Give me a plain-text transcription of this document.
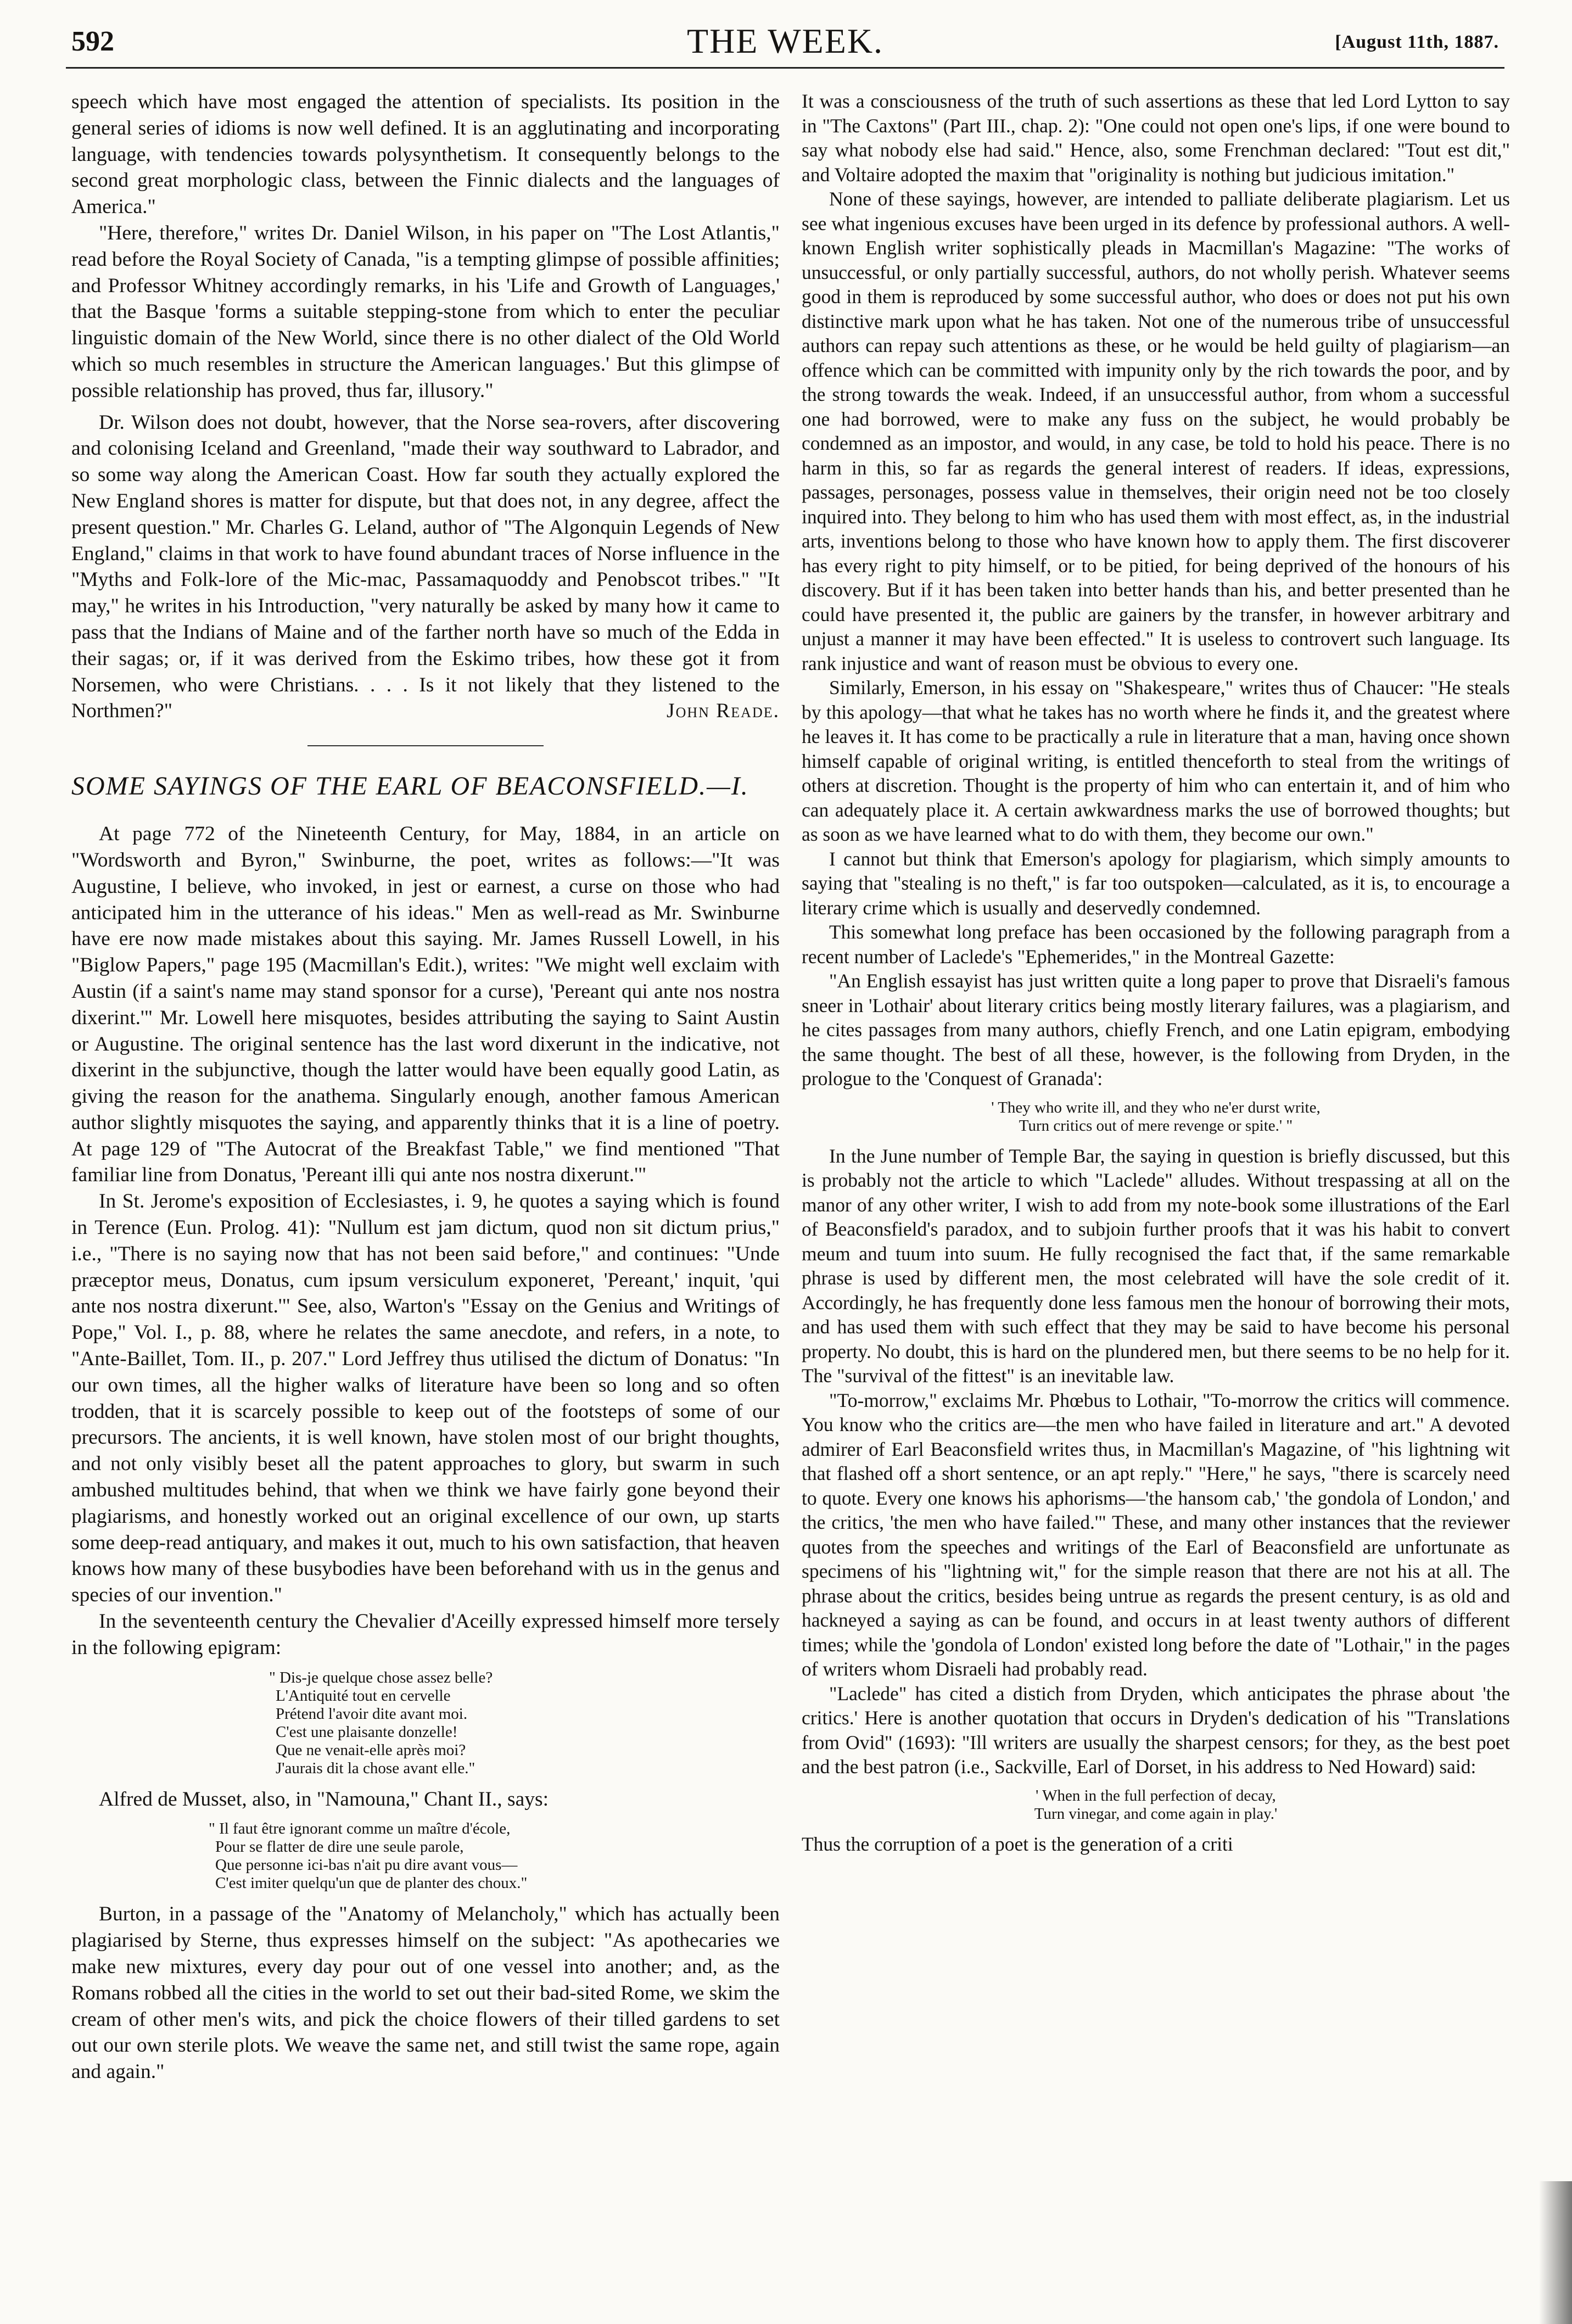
592	THE WEEK.	[August 11th, 1887.

speech which have most engaged the attention of specialists. Its position in the general series of idioms is now well defined. It is an agglutinating and incorporating language, with tendencies towards polysynthetism. It consequently belongs to the second great morphologic class, between the Finnic dialects and the languages of America."

"Here, therefore," writes Dr. Daniel Wilson, in his paper on "The Lost Atlantis," read before the Royal Society of Canada, "is a tempting glimpse of possible affinities; and Professor Whitney accordingly remarks, in his 'Life and Growth of Languages,' that the Basque 'forms a suitable stepping-stone from which to enter the peculiar linguistic domain of the New World, since there is no other dialect of the Old World which so much resembles in structure the American languages.' But this glimpse of possible relationship has proved, thus far, illusory."

Dr. Wilson does not doubt, however, that the Norse sea-rovers, after discovering and colonising Iceland and Greenland, "made their way southward to Labrador, and so some way along the American Coast. How far south they actually explored the New England shores is matter for dispute, but that does not, in any degree, affect the present question." Mr. Charles G. Leland, author of "The Algonquin Legends of New England," claims in that work to have found abundant traces of Norse influence in the "Myths and Folk-lore of the Mic-mac, Passamaquoddy and Penobscot tribes." "It may," he writes in his Introduction, "very naturally be asked by many how it came to pass that the Indians of Maine and of the farther north have so much of the Edda in their sagas; or, if it was derived from the Eskimo tribes, how these got it from Norsemen, who were Christians. . . . Is it not likely that they listened to the Northmen?"	John Reade.

SOME SAYINGS OF THE EARL OF BEACONSFIELD.—I.

At page 772 of the Nineteenth Century, for May, 1884, in an article on "Wordsworth and Byron," Swinburne, the poet, writes as follows:—"It was Augustine, I believe, who invoked, in jest or earnest, a curse on those who had anticipated him in the utterance of his ideas." Men as well-read as Mr. Swinburne have ere now made mistakes about this saying. Mr. James Russell Lowell, in his "Biglow Papers," page 195 (Macmillan's Edit.), writes: "We might well exclaim with Austin (if a saint's name may stand sponsor for a curse), 'Pereant qui ante nos nostra dixerint.'" Mr. Lowell here misquotes, besides attributing the saying to Saint Austin or Augustine. The original sentence has the last word dixerunt in the indicative, not dixerint in the subjunctive, though the latter would have been equally good Latin, as giving the reason for the anathema. Singularly enough, another famous American author slightly misquotes the saying, and apparently thinks that it is a line of poetry. At page 129 of "The Autocrat of the Breakfast Table," we find mentioned "That familiar line from Donatus, 'Pereant illi qui ante nos nostra dixerunt.'"

In St. Jerome's exposition of Ecclesiastes, i. 9, he quotes a saying which is found in Terence (Eun. Prolog. 41): "Nullum est jam dictum, quod non sit dictum prius," i.e., "There is no saying now that has not been said before," and continues: "Unde præceptor meus, Donatus, cum ipsum versiculum exponeret, 'Pereant,' inquit, 'qui ante nos nostra dixerunt.'" See, also, Warton's "Essay on the Genius and Writings of Pope," Vol. I., p. 88, where he relates the same anecdote, and refers, in a note, to "Ante-Baillet, Tom. II., p. 207." Lord Jeffrey thus utilised the dictum of Donatus: "In our own times, all the higher walks of literature have been so long and so often trodden, that it is scarcely possible to keep out of the footsteps of some of our precursors. The ancients, it is well known, have stolen most of our bright thoughts, and not only visibly beset all the patent approaches to glory, but swarm in such ambushed multitudes behind, that when we think we have fairly gone beyond their plagiarisms, and honestly worked out an original excellence of our own, up starts some deep-read antiquary, and makes it out, much to his own satisfaction, that heaven knows how many of these busybodies have been beforehand with us in the genus and species of our invention."

In the seventeenth century the Chevalier d'Aceilly expressed himself more tersely in the following epigram:

" Dis-je quelque chose assez belle?
L'Antiquité tout en cervelle
Prétend l'avoir dite avant moi.
C'est une plaisante donzelle!
Que ne venait-elle après moi?
J'aurais dit la chose avant elle."

Alfred de Musset, also, in "Namouna," Chant II., says:

" Il faut être ignorant comme un maître d'école,
Pour se flatter de dire une seule parole,
Que personne ici-bas n'ait pu dire avant vous—
C'est imiter quelqu'un que de planter des choux."

Burton, in a passage of the "Anatomy of Melancholy," which has actually been plagiarised by Sterne, thus expresses himself on the subject: "As apothecaries we make new mixtures, every day pour out of one vessel into another; and, as the Romans robbed all the cities in the world to set out their bad-sited Rome, we skim the cream of other men's wits, and pick the choice flowers of their tilled gardens to set out our own sterile plots. We weave the same net, and still twist the same rope, again and again."

It was a consciousness of the truth of such assertions as these that led Lord Lytton to say in "The Caxtons" (Part III., chap. 2): "One could not open one's lips, if one were bound to say what nobody else had said." Hence, also, some Frenchman declared: "Tout est dit," and Voltaire adopted the maxim that "originality is nothing but judicious imitation."

None of these sayings, however, are intended to palliate deliberate plagiarism. Let us see what ingenious excuses have been urged in its defence by professional authors. A well-known English writer sophistically pleads in Macmillan's Magazine: "The works of unsuccessful, or only partially successful, authors, do not wholly perish. Whatever seems good in them is reproduced by some successful author, who does or does not put his own distinctive mark upon what he has taken. Not one of the numerous tribe of unsuccessful authors can repay such attentions as these, or he would be held guilty of plagiarism—an offence which can be committed with impunity only by the rich towards the poor, and by the strong towards the weak. Indeed, if an unsuccessful author, from whom a successful one had borrowed, were to make any fuss on the subject, he would probably be condemned as an impostor, and would, in any case, be told to hold his peace. There is no harm in this, so far as regards the general interest of readers. If ideas, expressions, passages, personages, possess value in themselves, their origin need not be too closely inquired into. They belong to him who has used them with most effect, as, in the industrial arts, inventions belong to those who have known how to apply them. The first discoverer has every right to pity himself, or to be pitied, for being deprived of the honours of his discovery. But if it has been taken into better hands than his, and better presented than he could have presented it, the public are gainers by the transfer, in however arbitrary and unjust a manner it may have been effected." It is useless to controvert such language. Its rank injustice and want of reason must be obvious to every one.

Similarly, Emerson, in his essay on "Shakespeare," writes thus of Chaucer: "He steals by this apology—that what he takes has no worth where he finds it, and the greatest where he leaves it. It has come to be practically a rule in literature that a man, having once shown himself capable of original writing, is entitled thenceforth to steal from the writings of others at discretion. Thought is the property of him who can entertain it, and of him who can adequately place it. A certain awkwardness marks the use of borrowed thoughts; but as soon as we have learned what to do with them, they become our own."

I cannot but think that Emerson's apology for plagiarism, which simply amounts to saying that "stealing is no theft," is far too outspoken—calculated, as it is, to encourage a literary crime which is usually and deservedly condemned.

This somewhat long preface has been occasioned by the following paragraph from a recent number of Laclede's "Ephemerides," in the Montreal Gazette:

"An English essayist has just written quite a long paper to prove that Disraeli's famous sneer in 'Lothair' about literary critics being mostly literary failures, was a plagiarism, and he cites passages from many authors, chiefly French, and one Latin epigram, embodying the same thought. The best of all these, however, is the following from Dryden, in the prologue to the 'Conquest of Granada':

' They who write ill, and they who ne'er durst write,
Turn critics out of mere revenge or spite.' "

In the June number of Temple Bar, the saying in question is briefly discussed, but this is probably not the article to which "Laclede" alludes. Without trespassing at all on the manor of any other writer, I wish to add from my note-book some illustrations of the Earl of Beaconsfield's paradox, and to subjoin further proofs that it was his habit to convert meum and tuum into suum. He fully recognised the fact that, if the same remarkable phrase is used by different men, the most celebrated will have the sole credit of it. Accordingly, he has frequently done less famous men the honour of borrowing their mots, and has used them with such effect that they may be said to have become his personal property. No doubt, this is hard on the plundered men, but there seems to be no help for it. The "survival of the fittest" is an inevitable law.

"To-morrow," exclaims Mr. Phœbus to Lothair, "To-morrow the critics will commence. You know who the critics are—the men who have failed in literature and art." A devoted admirer of Earl Beaconsfield writes thus, in Macmillan's Magazine, of "his lightning wit that flashed off a short sentence, or an apt reply." "Here," he says, "there is scarcely need to quote. Every one knows his aphorisms—'the hansom cab,' 'the gondola of London,' and the critics, 'the men who have failed.'" These, and many other instances that the reviewer quotes from the speeches and writings of the Earl of Beaconsfield are unfortunate as specimens of his "lightning wit," for the simple reason that there are not his at all. The phrase about the critics, besides being untrue as regards the present century, is as old and hackneyed a saying as can be found, and occurs in at least twenty authors of different times; while the 'gondola of London' existed long before the date of "Lothair," in the pages of writers whom Disraeli had probably read.

"Laclede" has cited a distich from Dryden, which anticipates the phrase about 'the critics.' Here is another quotation that occurs in Dryden's dedication of his "Translations from Ovid" (1693): "Ill writers are usually the sharpest censors; for they, as the best poet and the best patron (i.e., Sackville, Earl of Dorset, in his address to Ned Howard) said:

' When in the full perfection of decay,
Turn vinegar, and come again in play.'

Thus the corruption of a poet is the generation of a criti
